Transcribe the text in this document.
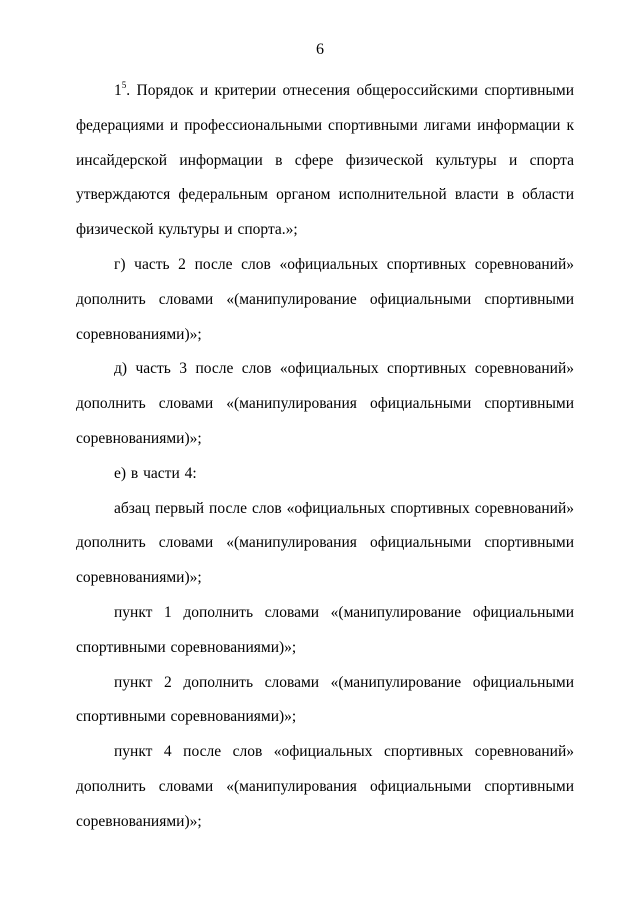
6

$1^5$. Порядок и критерии отнесения общероссийскими спортивными федерациями и профессиональными спортивными лигами информации к инсайдерской информации в сфере физической культуры и спорта утверждаются федеральным органом исполнительной власти в области физической культуры и спорта.»;

г) часть 2 после слов «официальных спортивных соревнований» дополнить словами «(манипулирование официальными спортивными соревнованиями)»;

д) часть 3 после слов «официальных спортивных соревнований» дополнить словами «(манипулирования официальными спортивными соревнованиями)»;

е) в части 4:

абзац первый после слов «официальных спортивных соревнований» дополнить словами «(манипулирования официальными спортивными соревнованиями)»;

пункт 1 дополнить словами «(манипулирование официальными спортивными соревнованиями)»;

пункт 2 дополнить словами «(манипулирование официальными спортивными соревнованиями)»;

пункт 4 после слов «официальных спортивных соревнований» дополнить словами «(манипулирования официальными спортивными соревнованиями)»;
